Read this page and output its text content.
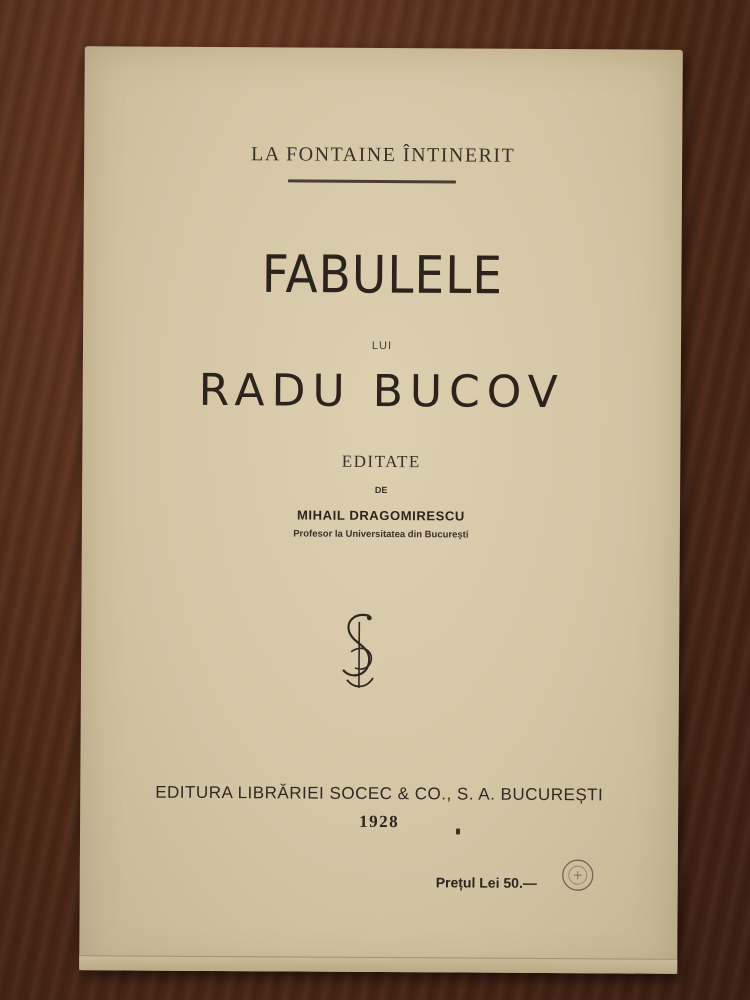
LA FONTAINE ÎNTINERIT
FABULELE
LUI
RADU BUCOV
EDITATE
DE
MIHAIL DRAGOMIRESCU
Profesor la Universitatea din București
EDITURA LIBRĂRIEI SOCEC & CO., S. A. BUCUREȘTI
1928
Prețul Lei 50.—
